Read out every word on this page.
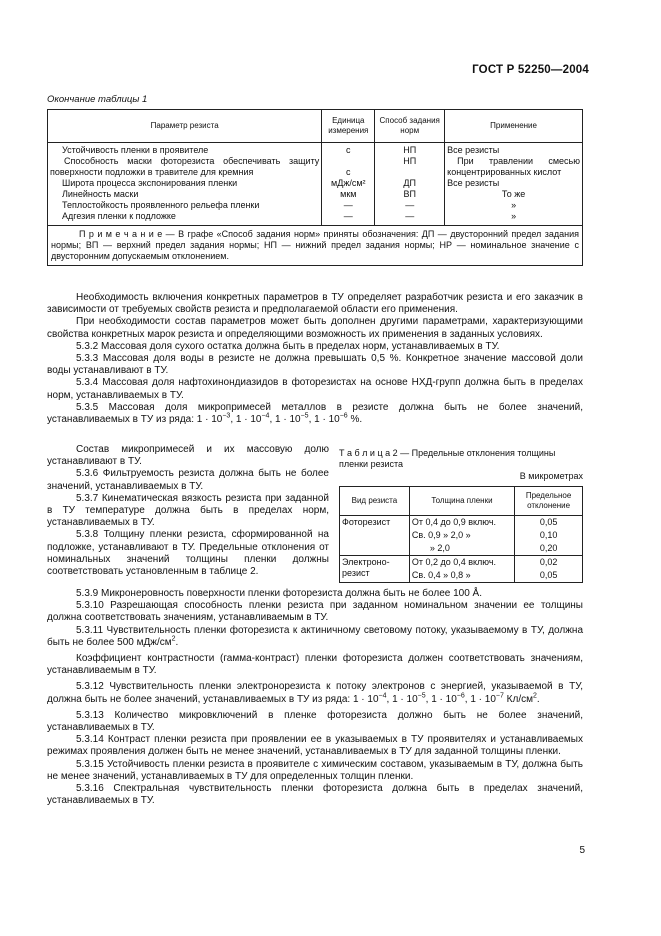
ГОСТ Р 52250—2004
Окончание таблицы 1
Параметр резиста	Единица измерения	Способ задания норм	Применение
Устойчивость пленки в проявителе	с	НП	Все резисты
Способность маски фоторезиста обеспечивать защиту поверхности подложки в травителе для кремния	с	НП	При травлении смесью концентрированных кислот
Широта процесса экспонирования пленки	мДж/см²	ДП	Все резисты
Линейность маски	мкм	ВП	То же
Теплостойкость проявленного рельефа пленки	—	—	»
Адгезия пленки к подложке	—	—	»
П р и м е ч а н и е — В графе «Способ задания норм» приняты обозначения: ДП — двусторонний предел задания нормы; ВП — верхний предел задания нормы; НП — нижний предел задания нормы; НР — номинальное значение с двусторонним допускаемым отклонением.			

Необходимость включения конкретных параметров в ТУ определяет разработчик резиста и его заказчик в зависимости от требуемых свойств резиста и предполагаемой области его применения.

При необходимости состав параметров может быть дополнен другими параметрами, характеризующими свойства конкретных марок резиста и определяющими возможность их применения в заданных условиях.

5.3.2 Массовая доля сухого остатка должна быть в пределах норм, устанавливаемых в ТУ.

5.3.3 Массовая доля воды в резисте не должна превышать 0,5 %. Конкретное значение массовой доли воды устанавливают в ТУ.

5.3.4 Массовая доля нафтохинондиазидов в фоторезистах на основе НХД-групп должна быть в пределах норм, устанавливаемых в ТУ.

5.3.5 Массовая доля микропримесей металлов в резисте должна быть не более значений, устанавливаемых в ТУ из ряда: $1 \cdot 10^{-3}$, $1 \cdot 10^{-4}$, $1 \cdot 10^{-5}$, $1 \cdot 10^{-6}$ %.

Состав микропримесей и их массовую долю устанавливают в ТУ.

5.3.6 Фильтруемость резиста должна быть не более значений, устанавливаемых в ТУ.

5.3.7 Кинематическая вязкость резиста при заданной в ТУ температуре должна быть в пределах норм, устанавливаемых в ТУ.

5.3.8 Толщину пленки резиста, сформированной на подложке, устанавливают в ТУ. Предельные отклонения от номинальных значений толщины пленки должны соответствовать установленным в таблице 2.

Т а б л и ц а 2 — Предельные отклонения толщины пленки резиста
В микрометрах
Вид резиста	Толщина пленки	Предельное отклонение
Фоторезист	От 0,4 до 0,9 включ.	0,05
	Св. 0,9 » 2,0 »	0,10
	» 2,0	0,20
Электроно-резист	От 0,2 до 0,4 включ.	0,02
	Св. 0,4 » 0,8 »	0,05

5.3.9 Микронеровность поверхности пленки фоторезиста должна быть не более 100 Å.

5.3.10 Разрешающая способность пленки резиста при заданном номинальном значении ее толщины должна соответствовать значениям, устанавливаемым в ТУ.

5.3.11 Чувствительность пленки фоторезиста к актиничному световому потоку, указываемому в ТУ, должна быть не более 500 мДж/$см^2$.

Коэффициент контрастности (гамма-контраст) пленки фоторезиста должен соответствовать значениям, устанавливаемым в ТУ.

5.3.12 Чувствительность пленки электронорезиста к потоку электронов с энергией, указываемой в ТУ, должна быть не более значений, устанавливаемых в ТУ из ряда: $1 \cdot 10^{-4}$, $1 \cdot 10^{-5}$, $1 \cdot 10^{-6}$, $1 \cdot 10^{-7}$ $Кл/см^2$.

5.3.13 Количество микровключений в пленке фоторезиста должно быть не более значений, устанавливаемых в ТУ.

5.3.14 Контраст пленки резиста при проявлении ее в указываемых в ТУ проявителях и устанавливаемых режимах проявления должен быть не менее значений, устанавливаемых в ТУ для заданной толщины пленки.

5.3.15 Устойчивость пленки резиста в проявителе с химическим составом, указываемым в ТУ, должна быть не менее значений, устанавливаемых в ТУ для определенных толщин пленки.

5.3.16 Спектральная чувствительность пленки фоторезиста должна быть в пределах значений, устанавливаемых в ТУ.

5
